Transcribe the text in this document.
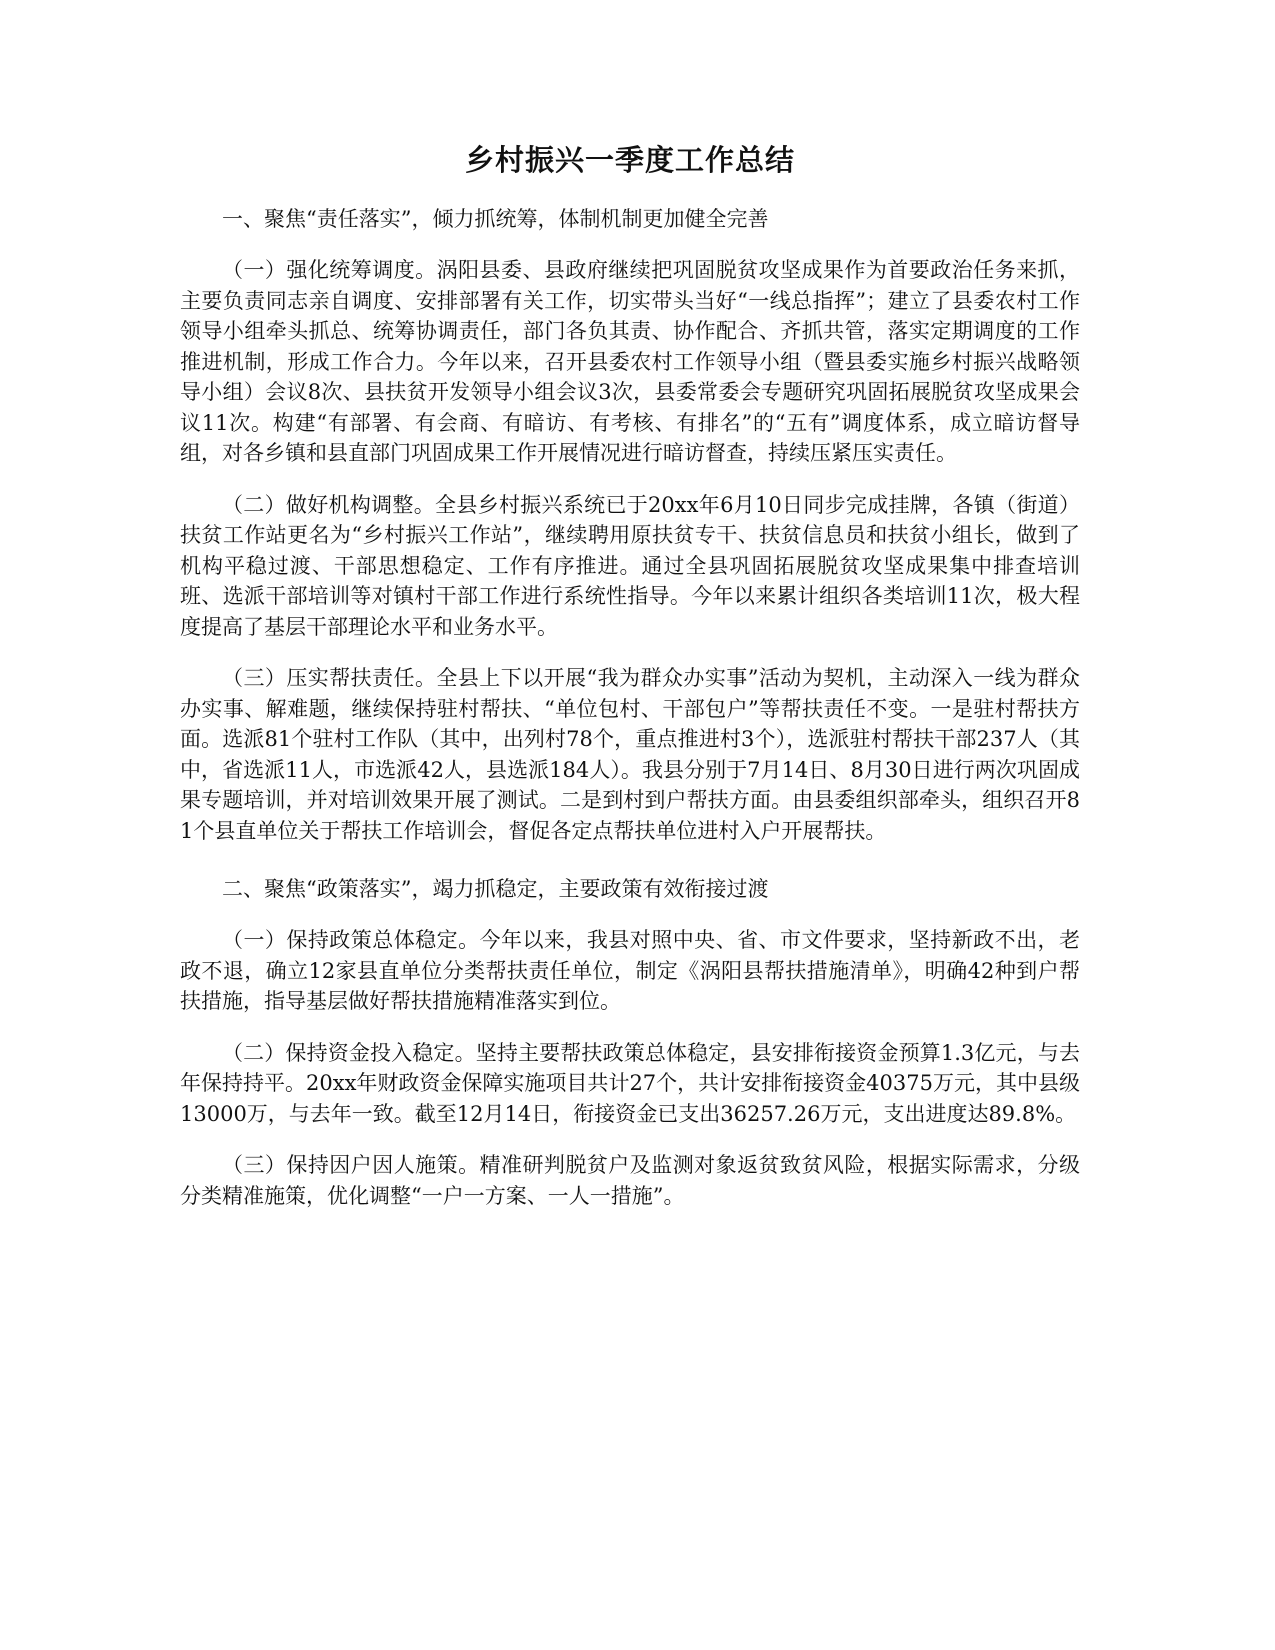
乡村振兴一季度工作总结

一、聚焦“责任落实”，倾力抓统筹，体制机制更加健全完善

（一）强化统筹调度。涡阳县委、县政府继续把巩固脱贫攻坚成果作为首要政治任务来抓，主要负责同志亲自调度、安排部署有关工作，切实带头当好“一线总指挥”；建立了县委农村工作领导小组牵头抓总、统筹协调责任，部门各负其责、协作配合、齐抓共管，落实定期调度的工作推进机制，形成工作合力。今年以来，召开县委农村工作领导小组（暨县委实施乡村振兴战略领导小组）会议8次、县扶贫开发领导小组会议3次，县委常委会专题研究巩固拓展脱贫攻坚成果会议11次。构建“有部署、有会商、有暗访、有考核、有排名”的“五有”调度体系，成立暗访督导组，对各乡镇和县直部门巩固成果工作开展情况进行暗访督查，持续压紧压实责任。

（二）做好机构调整。全县乡村振兴系统已于20xx年6月10日同步完成挂牌，各镇（街道）扶贫工作站更名为“乡村振兴工作站”，继续聘用原扶贫专干、扶贫信息员和扶贫小组长，做到了机构平稳过渡、干部思想稳定、工作有序推进。通过全县巩固拓展脱贫攻坚成果集中排查培训班、选派干部培训等对镇村干部工作进行系统性指导。今年以来累计组织各类培训11次，极大程度提高了基层干部理论水平和业务水平。

（三）压实帮扶责任。全县上下以开展“我为群众办实事”活动为契机，主动深入一线为群众办实事、解难题，继续保持驻村帮扶、“单位包村、干部包户”等帮扶责任不变。一是驻村帮扶方面。选派81个驻村工作队（其中，出列村78个，重点推进村3个），选派驻村帮扶干部237人（其中，省选派11人，市选派42人，县选派184人）。我县分别于7月14日、8月30日进行两次巩固成果专题培训，并对培训效果开展了测试。二是到村到户帮扶方面。由县委组织部牵头，组织召开81个县直单位关于帮扶工作培训会，督促各定点帮扶单位进村入户开展帮扶。

二、聚焦“政策落实”，竭力抓稳定，主要政策有效衔接过渡

（一）保持政策总体稳定。今年以来，我县对照中央、省、市文件要求，坚持新政不出，老政不退，确立12家县直单位分类帮扶责任单位，制定《涡阳县帮扶措施清单》，明确42种到户帮扶措施，指导基层做好帮扶措施精准落实到位。

（二）保持资金投入稳定。坚持主要帮扶政策总体稳定，县安排衔接资金预算1.3亿元，与去年保持持平。20xx年财政资金保障实施项目共计27个，共计安排衔接资金40375万元，其中县级13000万，与去年一致。截至12月14日，衔接资金已支出36257.26万元，支出进度达89.8%。

（三）保持因户因人施策。精准研判脱贫户及监测对象返贫致贫风险，根据实际需求，分级分类精准施策，优化调整“一户一方案、一人一措施”。
